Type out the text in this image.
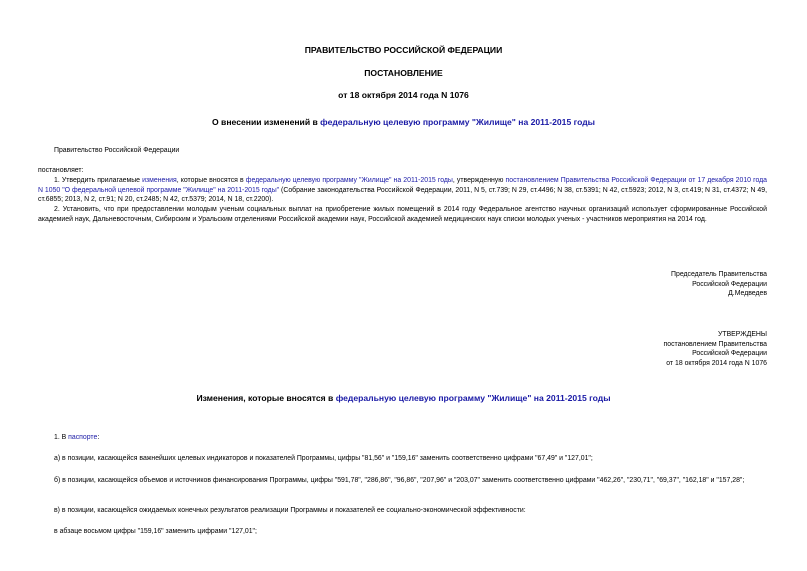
ПРАВИТЕЛЬСТВО РОССИЙСКОЙ ФЕДЕРАЦИИ
ПОСТАНОВЛЕНИЕ
от 18 октября 2014 года N 1076
О внесении изменений в федеральную целевую программу "Жилище" на 2011-2015 годы
Правительство Российской Федерации
постановляет:
1. Утвердить прилагаемые изменения, которые вносятся в федеральную целевую программу "Жилище" на 2011-2015 годы, утвержденную постановлением Правительства Российской Федерации от 17 декабря 2010 года N 1050 "О федеральной целевой программе "Жилище" на 2011-2015 годы" (Собрание законодательства Российской Федерации, 2011, N 5, ст.739; N 29, ст.4496; N 38, ст.5391; N 42, ст.5923; 2012, N 3, ст.419; N 31, ст.4372; N 49, ст.6855; 2013, N 2, ст.91; N 20, ст.2485; N 42, ст.5379; 2014, N 18, ст.2200).
2. Установить, что при предоставлении молодым ученым социальных выплат на приобретение жилых помещений в 2014 году Федеральное агентство научных организаций использует сформированные Российской академией наук, Дальневосточным, Сибирским и Уральским отделениями Российской академии наук, Российской академией медицинских наук списки молодых ученых - участников мероприятия на 2014 год.
Председатель Правительства
Российской Федерации
Д.Медведев
УТВЕРЖДЕНЫ
постановлением Правительства
Российской Федерации
от 18 октября 2014 года N 1076
Изменения, которые вносятся в федеральную целевую программу "Жилище" на 2011-2015 годы
1. В паспорте:
а) в позиции, касающейся важнейших целевых индикаторов и показателей Программы, цифры "81,56" и "159,16" заменить соответственно цифрами "67,49" и "127,01";
б) в позиции, касающейся объемов и источников финансирования Программы, цифры "591,78", "286,86", "96,86", "207,96" и "203,07" заменить соответственно цифрами "462,26", "230,71", "69,37", "162,18" и "157,28";
в) в позиции, касающейся ожидаемых конечных результатов реализации Программы и показателей ее социально-экономической эффективности:
в абзаце восьмом цифры "159,16" заменить цифрами "127,01";
